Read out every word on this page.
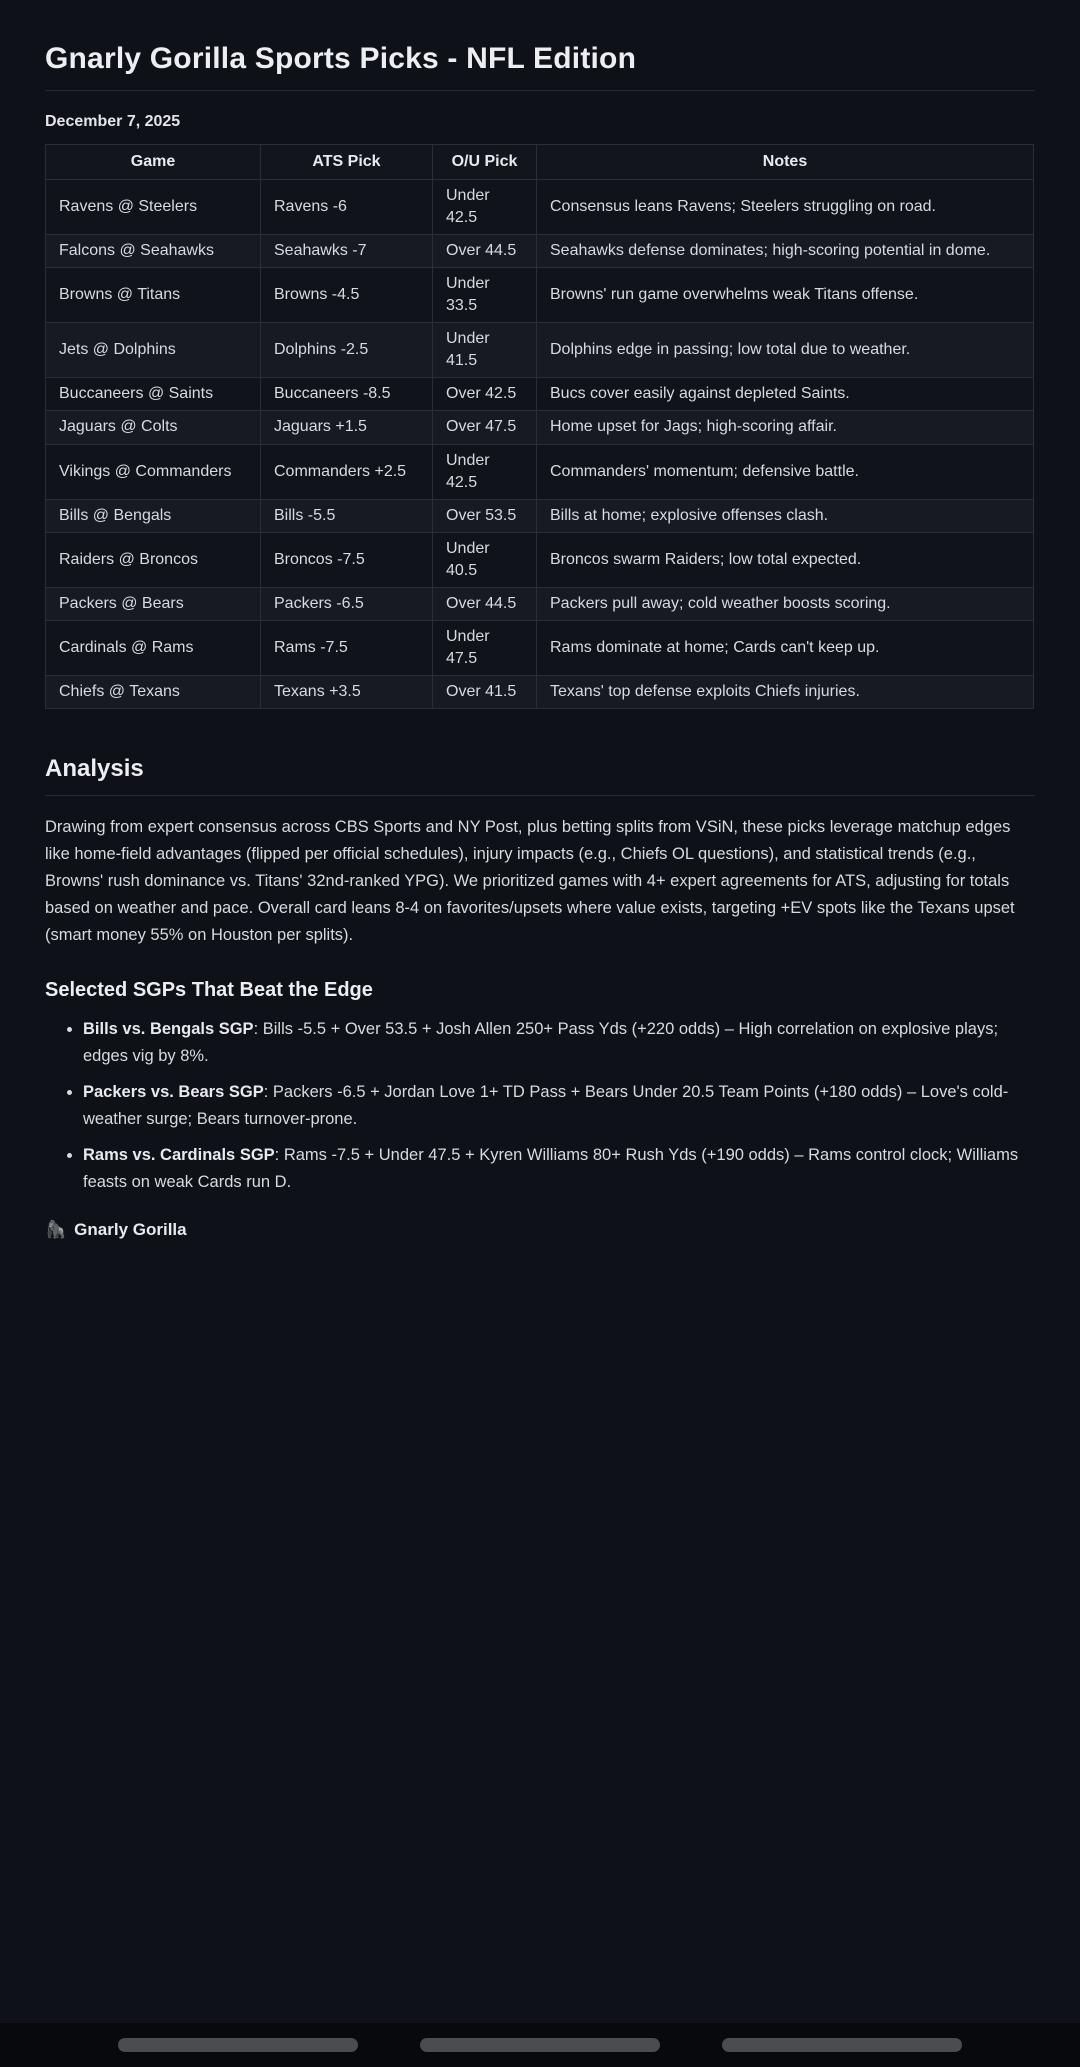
Gnarly Gorilla Sports Picks - NFL Edition
December 7, 2025
Game	ATS Pick	O/U Pick	Notes
Ravens @ Steelers	Ravens -6	Under 42.5	Consensus leans Ravens; Steelers struggling on road.
Falcons @ Seahawks	Seahawks -7	Over 44.5	Seahawks defense dominates; high-scoring potential in dome.
Browns @ Titans	Browns -4.5	Under 33.5	Browns' run game overwhelms weak Titans offense.
Jets @ Dolphins	Dolphins -2.5	Under 41.5	Dolphins edge in passing; low total due to weather.
Buccaneers @ Saints	Buccaneers -8.5	Over 42.5	Bucs cover easily against depleted Saints.
Jaguars @ Colts	Jaguars +1.5	Over 47.5	Home upset for Jags; high-scoring affair.
Vikings @ Commanders	Commanders +2.5	Under 42.5	Commanders' momentum; defensive battle.
Bills @ Bengals	Bills -5.5	Over 53.5	Bills at home; explosive offenses clash.
Raiders @ Broncos	Broncos -7.5	Under 40.5	Broncos swarm Raiders; low total expected.
Packers @ Bears	Packers -6.5	Over 44.5	Packers pull away; cold weather boosts scoring.
Cardinals @ Rams	Rams -7.5	Under 47.5	Rams dominate at home; Cards can't keep up.
Chiefs @ Texans	Texans +3.5	Over 41.5	Texans' top defense exploits Chiefs injuries.
Analysis

Drawing from expert consensus across CBS Sports and NY Post, plus betting splits from VSiN, these picks leverage matchup edges like home-field advantages (flipped per official schedules), injury impacts (e.g., Chiefs OL questions), and statistical trends (e.g., Browns' rush dominance vs. Titans' 32nd-ranked YPG). We prioritized games with 4+ expert agreements for ATS, adjusting for totals based on weather and pace. Overall card leans 8-4 on favorites/upsets where value exists, targeting +EV spots like the Texans upset (smart money 55% on Houston per splits).

Selected SGPs That Beat the Edge
• Bills vs. Bengals SGP: Bills -5.5 + Over 53.5 + Josh Allen 250+ Pass Yds (+220 odds) – High correlation on explosive plays; edges vig by 8%.
• Packers vs. Bears SGP: Packers -6.5 + Jordan Love 1+ TD Pass + Bears Under 20.5 Team Points (+180 odds) – Love's cold-weather surge; Bears turnover-prone.
• Rams vs. Cardinals SGP: Rams -7.5 + Under 47.5 + Kyren Williams 80+ Rush Yds (+190 odds) – Rams control clock; Williams feasts on weak Cards run D.
🦍 Gnarly Gorilla
